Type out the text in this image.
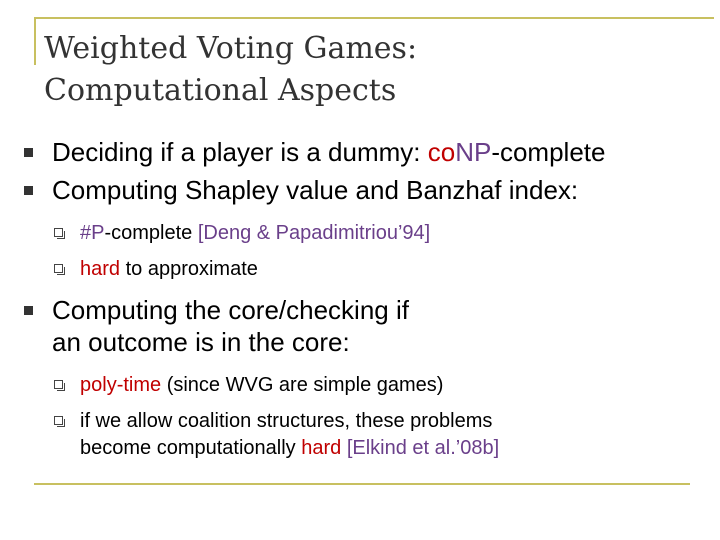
Weighted Voting Games:
Computational Aspects
Deciding if a player is a dummy: coNP-complete
Computing Shapley value and Banzhaf index:
#P-complete [Deng & Papadimitriou’94]
hard to approximate
Computing the core/checking if
an outcome is in the core:
poly-time (since WVG are simple games)
if we allow coalition structures, these problems
become computationally hard [Elkind et al.’08b]
